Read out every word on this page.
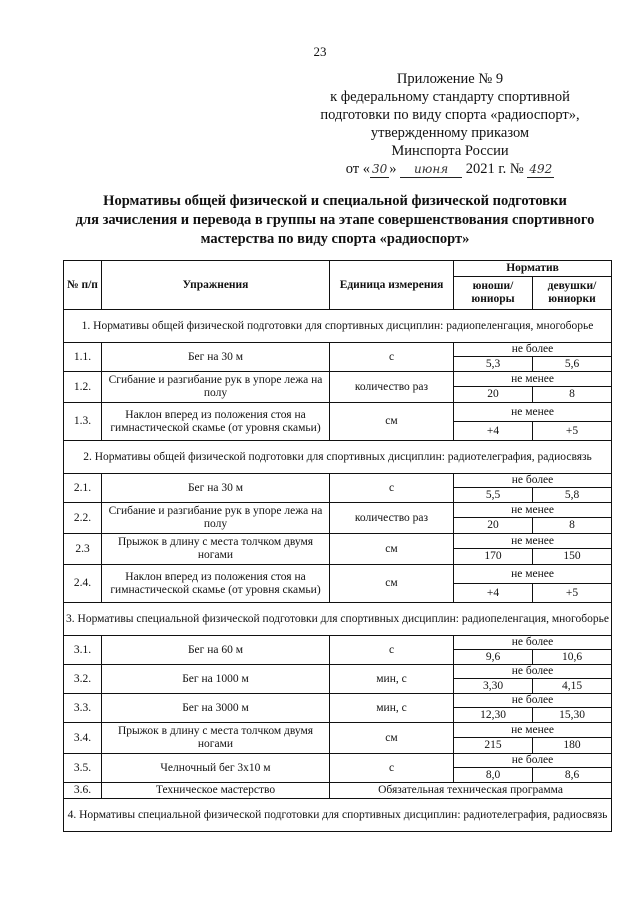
23
Приложение № 9
к федеральному стандарту спортивной
подготовки по виду спорта «радиоспорт»,
утвержденному приказом
Минспорта России
от « 30 » июня 2021 г. № 492
Нормативы общей физической и специальной физической подготовки
для зачисления и перевода в группы на этапе совершенствования спортивного
мастерства по виду спорта «радиоспорт»
№ п/п	Упражнения	Единица измерения	Норматив	
			юноши/ юниоры	девушки/ юниорки
1. Нормативы общей физической подготовки для спортивных дисциплин: радиопеленгация, многоборье				
1.1.	Бег на 30 м	с	не более	
			5,3	5,6
1.2.	Сгибание и разгибание рук в упоре лежа на полу	количество раз	не менее	
			20	8
1.3.	Наклон вперед из положения стоя на гимнастической скамье (от уровня скамьи)	см	не менее	
			+4	+5
2. Нормативы общей физической подготовки для спортивных дисциплин: радиотелеграфия, радиосвязь				
2.1.	Бег на 30 м	с	не более	
			5,5	5,8
2.2.	Сгибание и разгибание рук в упоре лежа на полу	количество раз	не менее	
			20	8
2.3	Прыжок в длину с места толчком двумя ногами	см	не менее	
			170	150
2.4.	Наклон вперед из положения стоя на гимнастической скамье (от уровня скамьи)	см	не менее	
			+4	+5
3. Нормативы специальной физической подготовки для спортивных дисциплин: радиопеленгация, многоборье				
3.1.	Бег на 60 м	с	не более	
			9,6	10,6
3.2.	Бег на 1000 м	мин, с	не более	
			3,30	4,15
3.3.	Бег на 3000 м	мин, с	не более	
			12,30	15,30
3.4.	Прыжок в длину с места толчком двумя ногами	см	не менее	
			215	180
3.5.	Челночный бег 3x10 м	с	не более	
			8,0	8,6
3.6.	Техническое мастерство	Обязательная техническая программа		
4. Нормативы специальной физической подготовки для спортивных дисциплин: радиотелеграфия, радиосвязь				
